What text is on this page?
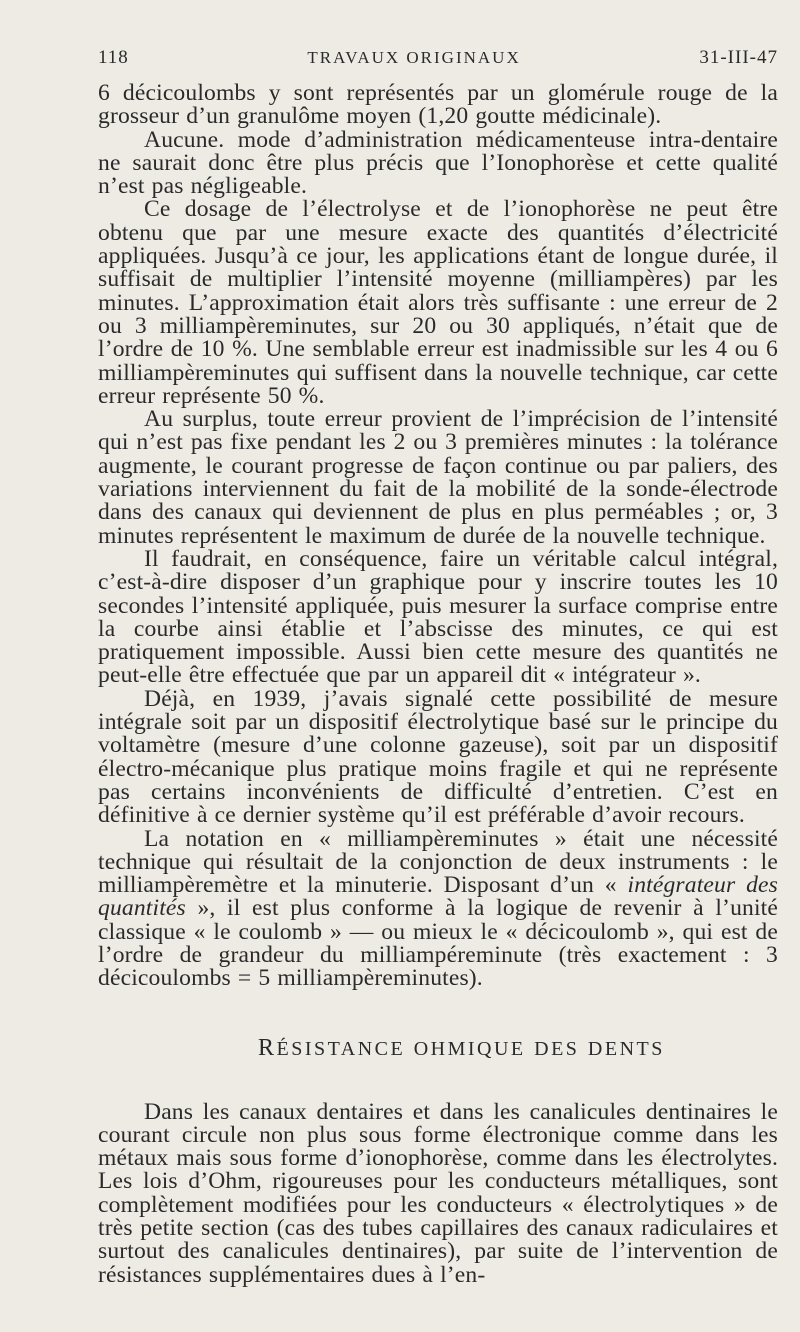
118	TRAVAUX ORIGINAUX	31-III-47

6 décicoulombs y sont représentés par un glomérule rouge de la grosseur d’un granulôme moyen (1,20 goutte médicinale).

Aucune. mode d’administration médicamenteuse intra-dentaire ne saurait donc être plus précis que l’Ionophorèse et cette qualité n’est pas négligeable.

Ce dosage de l’électrolyse et de l’ionophorèse ne peut être obtenu que par une mesure exacte des quantités d’électricité appliquées. Jusqu’à ce jour, les applications étant de longue durée, il suffisait de multiplier l’intensité moyenne (milliampères) par les minutes. L’approximation était alors très suffisante : une erreur de 2 ou 3 milliampèreminutes, sur 20 ou 30 appliqués, n’était que de l’ordre de 10 %. Une semblable erreur est inadmissible sur les 4 ou 6 milliampèreminutes qui suffisent dans la nouvelle technique, car cette erreur représente 50 %.

Au surplus, toute erreur provient de l’imprécision de l’intensité qui n’est pas fixe pendant les 2 ou 3 premières minutes : la tolérance augmente, le courant progresse de façon continue ou par paliers, des variations interviennent du fait de la mobilité de la sonde-électrode dans des canaux qui deviennent de plus en plus perméables ; or, 3 minutes représentent le maximum de durée de la nouvelle technique.

Il faudrait, en conséquence, faire un véritable calcul intégral, c’est-à-dire disposer d’un graphique pour y inscrire toutes les 10 secondes l’intensité appliquée, puis mesurer la surface comprise entre la courbe ainsi établie et l’abscisse des minutes, ce qui est pratiquement impossible. Aussi bien cette mesure des quantités ne peut-elle être effectuée que par un appareil dit « intégrateur ».

Déjà, en 1939, j’avais signalé cette possibilité de mesure intégrale soit par un dispositif électrolytique basé sur le principe du voltamètre (mesure d’une colonne gazeuse), soit par un dispositif électro-mécanique plus pratique moins fragile et qui ne représente pas certains inconvénients de difficulté d’entretien. C’est en définitive à ce dernier système qu’il est préférable d’avoir recours.

La notation en « milliampèreminutes » était une nécessité technique qui résultait de la conjonction de deux instruments : le milliampèremètre et la minuterie. Disposant d’un « intégrateur des quantités », il est plus conforme à la logique de revenir à l’unité classique « le coulomb » — ou mieux le « décicoulomb », qui est de l’ordre de grandeur du milliampéreminute (très exactement : 3 décicoulombs = 5 milliampèreminutes).

RÉSISTANCE OHMIQUE DES DENTS

Dans les canaux dentaires et dans les canalicules dentinaires le courant circule non plus sous forme électronique comme dans les métaux mais sous forme d’ionophorèse, comme dans les électrolytes. Les lois d’Ohm, rigoureuses pour les conducteurs métalliques, sont complètement modifiées pour les conducteurs « électrolytiques » de très petite section (cas des tubes capillaires des canaux radiculaires et surtout des canalicules dentinaires), par suite de l’intervention de résistances supplémentaires dues à l’en-
